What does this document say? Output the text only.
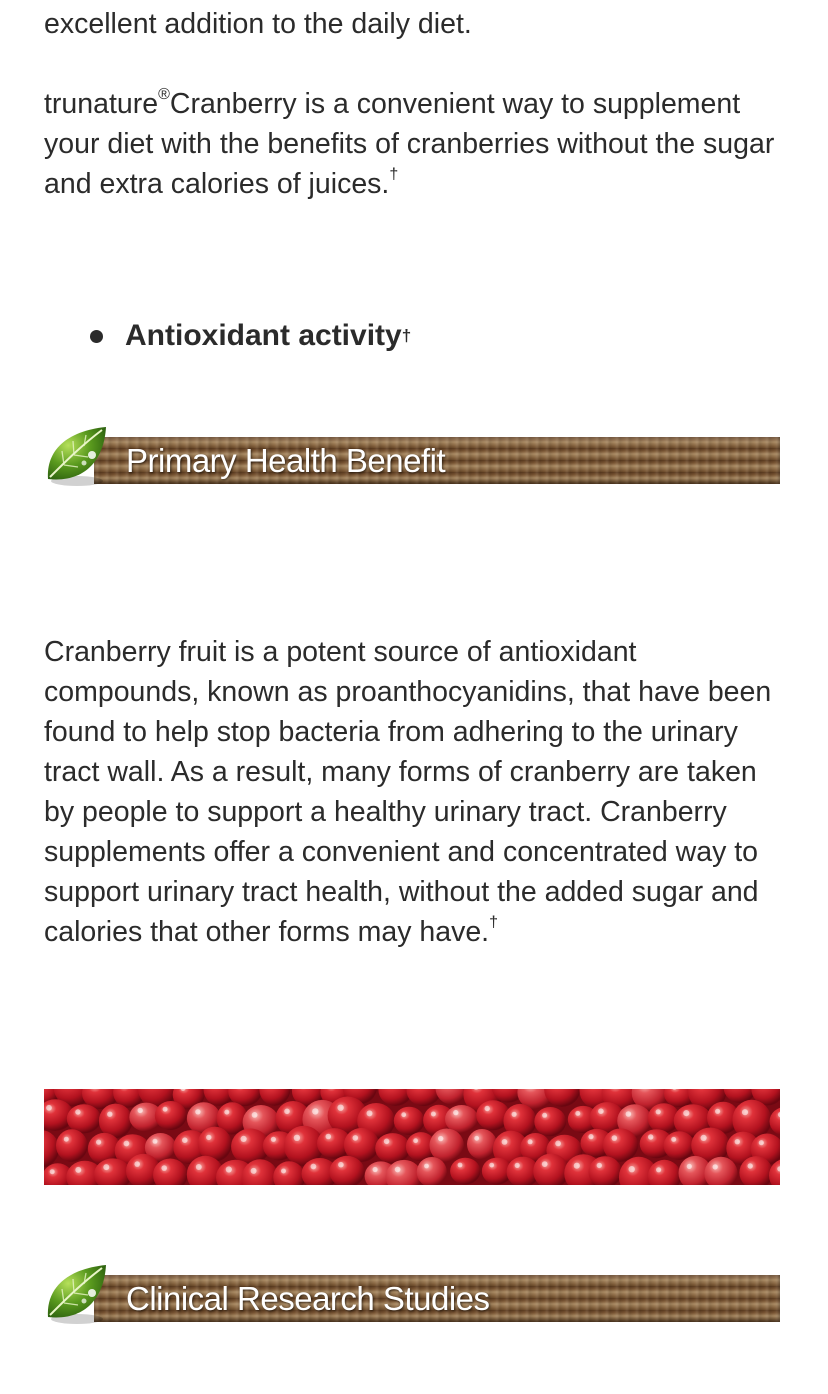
excellent addition to the daily diet.

trunature®Cranberry is a convenient way to supplement your diet with the benefits of cranberries without the sugar and extra calories of juices.†

Antioxidant activity †
Primary Health Benefit

Cranberry fruit is a potent source of antioxidant compounds, known as proanthocyanidins, that have been found to help stop bacteria from adhering to the urinary tract wall. As a result, many forms of cranberry are taken by people to support a healthy urinary tract. Cranberry supplements offer a convenient and concentrated way to support urinary tract health, without the added sugar and calories that other forms may have.†

Clinical Research Studies
